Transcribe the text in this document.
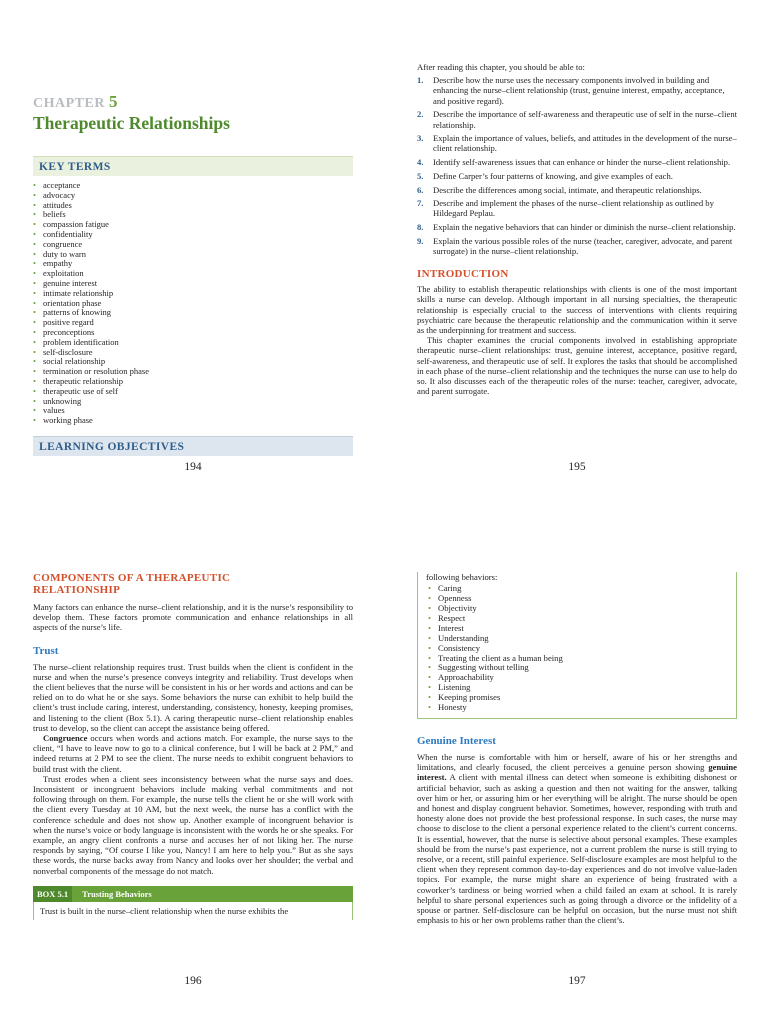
CHAPTER 5
Therapeutic Relationships
KEY TERMS
• acceptance
• advocacy
• attitudes
• beliefs
• compassion fatigue
• confidentiality
• congruence
• duty to warn
• empathy
• exploitation
• genuine interest
• intimate relationship
• orientation phase
• patterns of knowing
• positive regard
• preconceptions
• problem identification
• self-disclosure
• social relationship
• termination or resolution phase
• therapeutic relationship
• therapeutic use of self
• unknowing
• values
• working phase
LEARNING OBJECTIVES
194
After reading this chapter, you should be able to:
1. Describe how the nurse uses the necessary components involved in building and enhancing the nurse–client relationship (trust, genuine interest, empathy, acceptance, and positive regard).
2. Describe the importance of self-awareness and therapeutic use of self in the nurse–client relationship.
3. Explain the importance of values, beliefs, and attitudes in the development of the nurse–client relationship.
4. Identify self-awareness issues that can enhance or hinder the nurse–client relationship.
5. Define Carper’s four patterns of knowing, and give examples of each.
6. Describe the differences among social, intimate, and therapeutic relationships.
7. Describe and implement the phases of the nurse–client relationship as outlined by Hildegard Peplau.
8. Explain the negative behaviors that can hinder or diminish the nurse–client relationship.
9. Explain the various possible roles of the nurse (teacher, caregiver, advocate, and parent surrogate) in the nurse–client relationship.
INTRODUCTION

The ability to establish therapeutic relationships with clients is one of the most important skills a nurse can develop. Although important in all nursing specialties, the therapeutic relationship is especially crucial to the success of interventions with clients requiring psychiatric care because the therapeutic relationship and the communication within it serve as the underpinning for treatment and success.

This chapter examines the crucial components involved in establishing appropriate therapeutic nurse–client relationships: trust, genuine interest, acceptance, positive regard, self-awareness, and therapeutic use of self. It explores the tasks that should be accomplished in each phase of the nurse–client relationship and the techniques the nurse can use to help do so. It also discusses each of the therapeutic roles of the nurse: teacher, caregiver, advocate, and parent surrogate.

195
COMPONENTS OF A THERAPEUTIC
RELATIONSHIP

Many factors can enhance the nurse–client relationship, and it is the nurse’s responsibility to develop them. These factors promote communication and enhance relationships in all aspects of the nurse’s life.

Trust

The nurse–client relationship requires trust. Trust builds when the client is confident in the nurse and when the nurse’s presence conveys integrity and reliability. Trust develops when the client believes that the nurse will be consistent in his or her words and actions and can be relied on to do what he or she says. Some behaviors the nurse can exhibit to help build the client’s trust include caring, interest, understanding, consistency, honesty, keeping promises, and listening to the client (Box 5.1). A caring therapeutic nurse–client relationship enables trust to develop, so the client can accept the assistance being offered.

Congruence occurs when words and actions match. For example, the nurse says to the client, “I have to leave now to go to a clinical conference, but I will be back at 2 PM,” and indeed returns at 2 PM to see the client. The nurse needs to exhibit congruent behaviors to build trust with the client.

Trust erodes when a client sees inconsistency between what the nurse says and does. Inconsistent or incongruent behaviors include making verbal commitments and not following through on them. For example, the nurse tells the client he or she will work with the client every Tuesday at 10 AM, but the next week, the nurse has a conflict with the conference schedule and does not show up. Another example of incongruent behavior is when the nurse’s voice or body language is inconsistent with the words he or she speaks. For example, an angry client confronts a nurse and accuses her of not liking her. The nurse responds by saying, “Of course I like you, Nancy! I am here to help you.” But as she says these words, the nurse backs away from Nancy and looks over her shoulder; the verbal and nonverbal components of the message do not match.

BOX 5.1	Trusting Behaviors

Trust is built in the nurse–client relationship when the nurse exhibits the

196

following behaviors:

• Caring
• Openness
• Objectivity
• Respect
• Interest
• Understanding
• Consistency
• Treating the client as a human being
• Suggesting without telling
• Approachability
• Listening
• Keeping promises
• Honesty
Genuine Interest

When the nurse is comfortable with him or herself, aware of his or her strengths and limitations, and clearly focused, the client perceives a genuine person showing genuine interest. A client with mental illness can detect when someone is exhibiting dishonest or artificial behavior, such as asking a question and then not waiting for the answer, talking over him or her, or assuring him or her everything will be alright. The nurse should be open and honest and display congruent behavior. Sometimes, however, responding with truth and honesty alone does not provide the best professional response. In such cases, the nurse may choose to disclose to the client a personal experience related to the client’s current concerns. It is essential, however, that the nurse is selective about personal examples. These examples should be from the nurse’s past experience, not a current problem the nurse is still trying to resolve, or a recent, still painful experience. Self-disclosure examples are most helpful to the client when they represent common day-to-day experiences and do not involve value-laden topics. For example, the nurse might share an experience of being frustrated with a coworker’s tardiness or being worried when a child failed an exam at school. It is rarely helpful to share personal experiences such as going through a divorce or the infidelity of a spouse or partner. Self-disclosure can be helpful on occasion, but the nurse must not shift emphasis to his or her own problems rather than the client’s.

197
